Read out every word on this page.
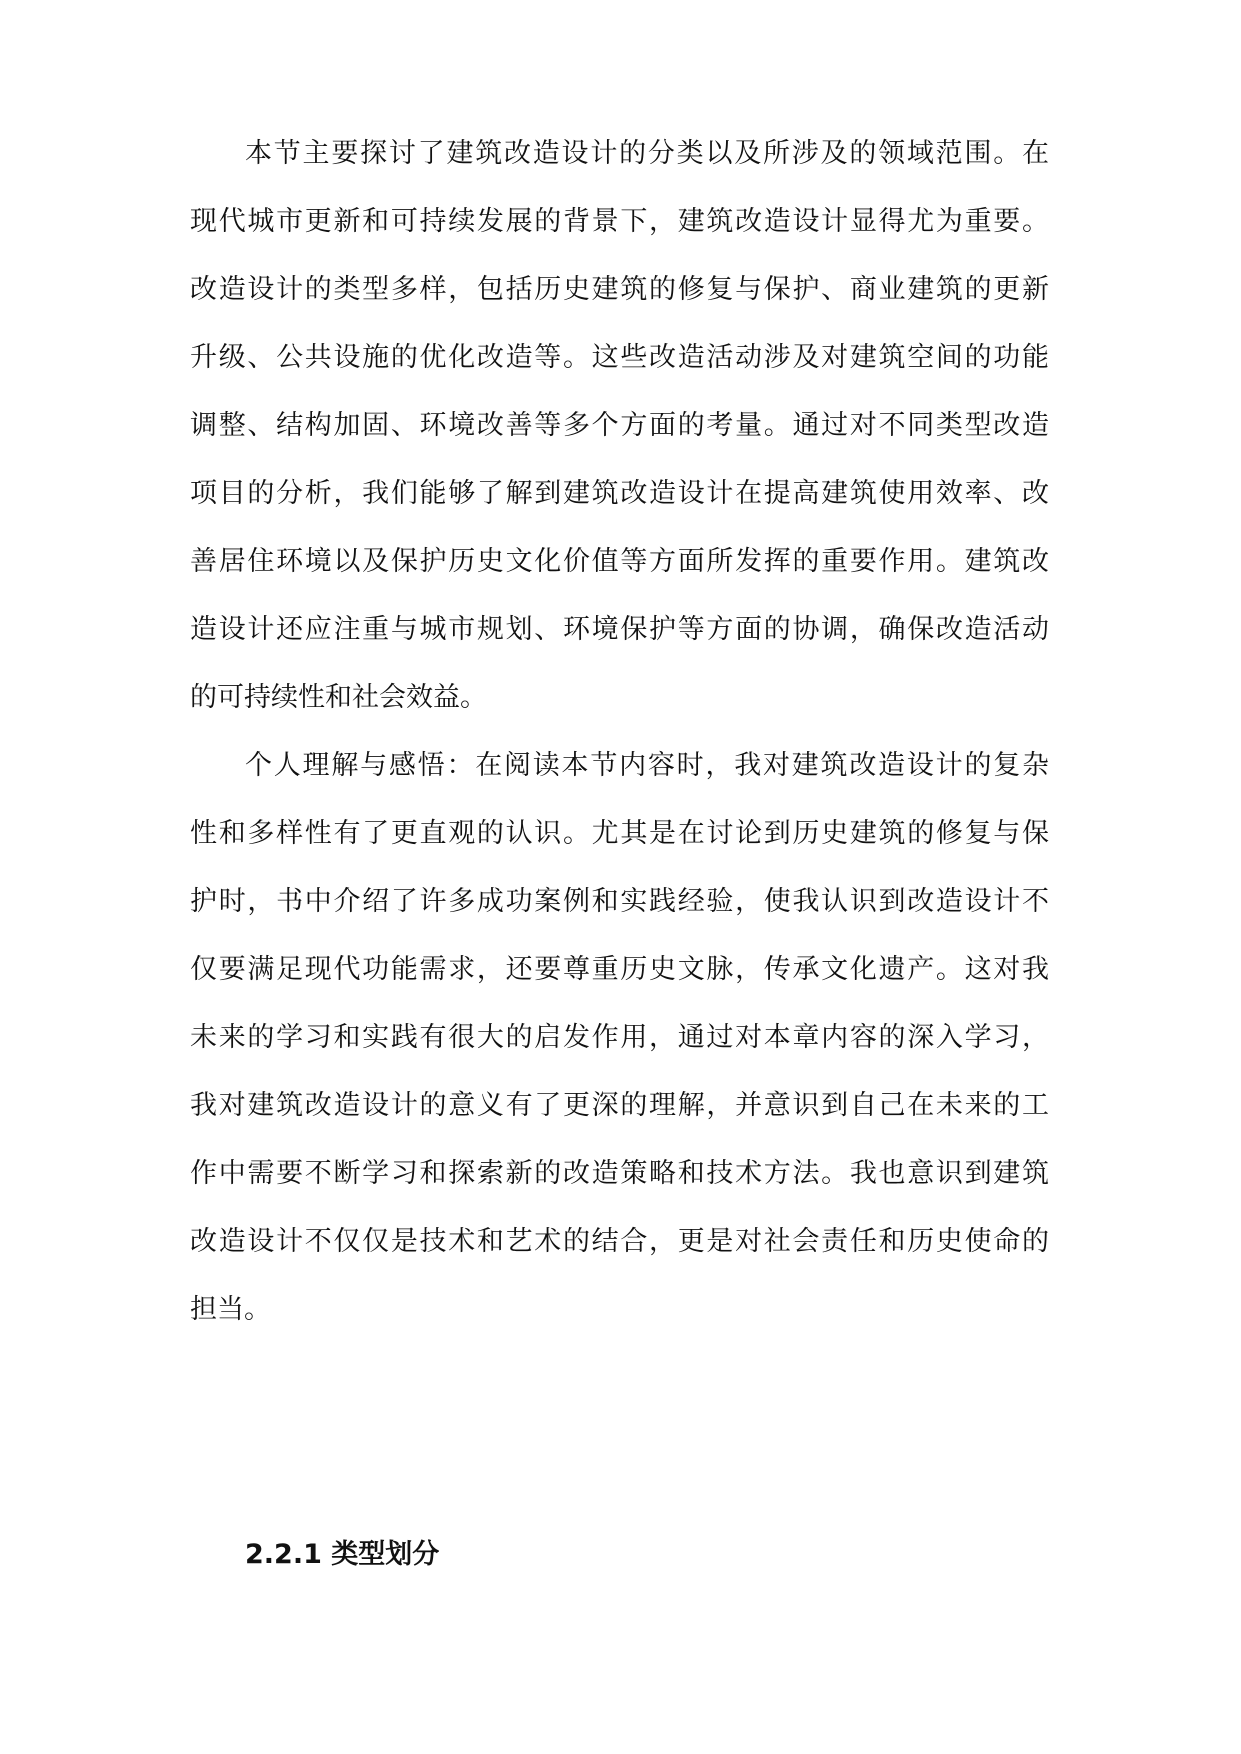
本节主要探讨了建筑改造设计的分类以及所涉及的领域范围。在
现代城市更新和可持续发展的背景下，建筑改造设计显得尤为重要。
改造设计的类型多样，包括历史建筑的修复与保护、商业建筑的更新
升级、公共设施的优化改造等。这些改造活动涉及对建筑空间的功能
调整、结构加固、环境改善等多个方面的考量。通过对不同类型改造
项目的分析，我们能够了解到建筑改造设计在提高建筑使用效率、改
善居住环境以及保护历史文化价值等方面所发挥的重要作用。建筑改
造设计还应注重与城市规划、环境保护等方面的协调，确保改造活动
的可持续性和社会效益。
个人理解与感悟：在阅读本节内容时，我对建筑改造设计的复杂
性和多样性有了更直观的认识。尤其是在讨论到历史建筑的修复与保
护时，书中介绍了许多成功案例和实践经验，使我认识到改造设计不
仅要满足现代功能需求，还要尊重历史文脉，传承文化遗产。这对我
未来的学习和实践有很大的启发作用，通过对本章内容的深入学习，
我对建筑改造设计的意义有了更深的理解，并意识到自己在未来的工
作中需要不断学习和探索新的改造策略和技术方法。我也意识到建筑
改造设计不仅仅是技术和艺术的结合，更是对社会责任和历史使命的
担当。
2.2.1 类型划分
